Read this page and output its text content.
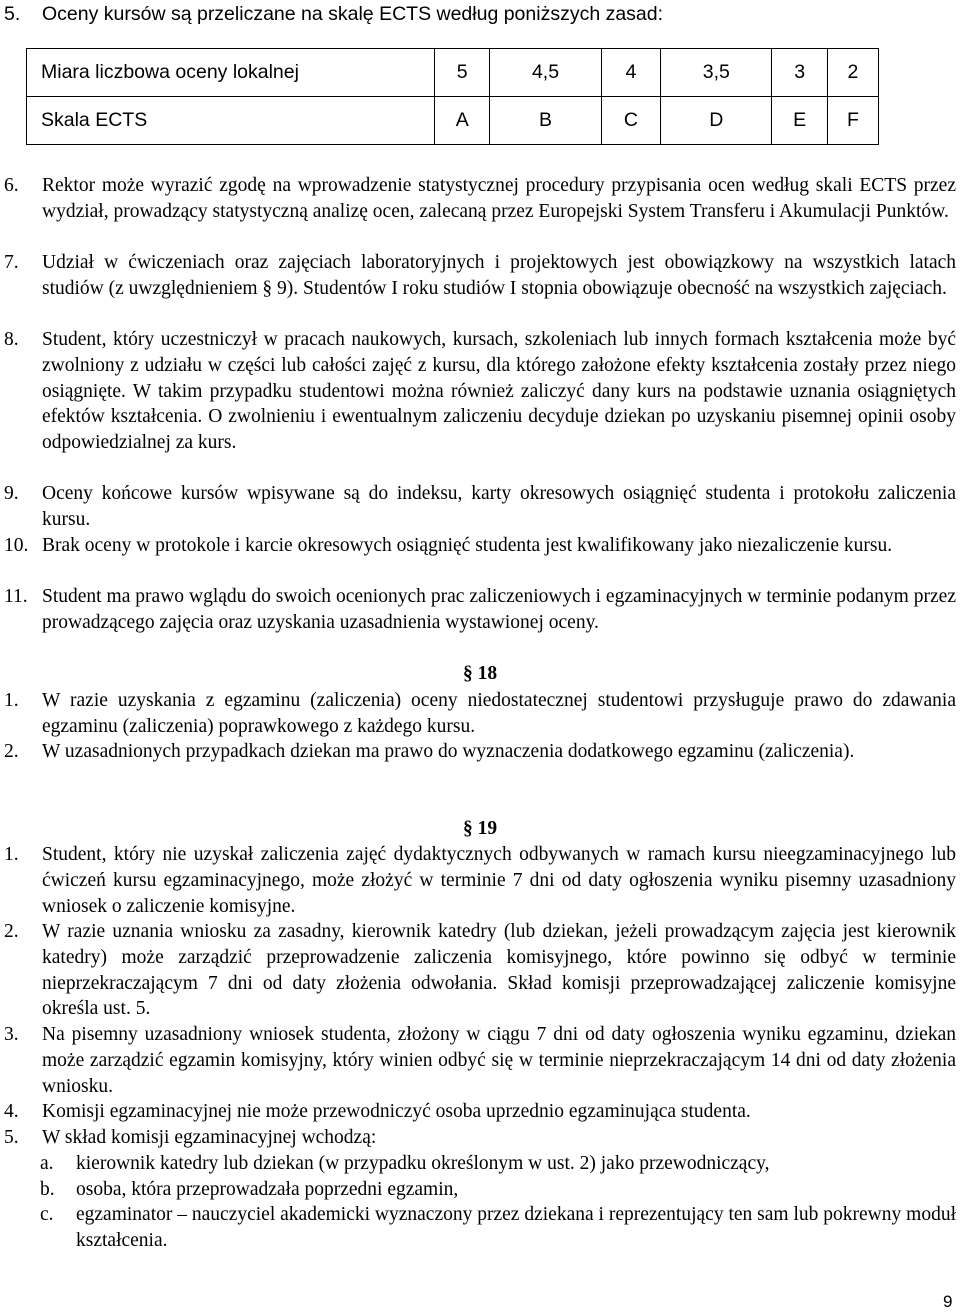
5. Oceny kursów są przeliczane na skalę ECTS według poniższych zasad:
Miara liczbowa oceny lokalnej	5	4,5	4	3,5	3	2
Skala ECTS	A	B	C	D	E	F
6. Rektor może wyrazić zgodę na wprowadzenie statystycznej procedury przypisania ocen według skali ECTS przez wydział, prowadzący statystyczną analizę ocen, zalecaną przez Europejski System Transferu i Akumulacji Punktów.
7. Udział w ćwiczeniach oraz zajęciach laboratoryjnych i projektowych jest obowiązkowy na wszystkich latach studiów (z uwzględnieniem § 9). Studentów I roku studiów I stopnia obowiązuje obecność na wszystkich zajęciach.
8. Student, który uczestniczył w pracach naukowych, kursach, szkoleniach lub innych formach kształcenia może być zwolniony z udziału w części lub całości zajęć z kursu, dla którego założone efekty kształcenia zostały przez niego osiągnięte. W takim przypadku studentowi można również zaliczyć dany kurs na podstawie uznania osiągniętych efektów kształcenia. O zwolnieniu i ewentualnym zaliczeniu decyduje dziekan po uzyskaniu pisemnej opinii osoby odpowiedzialnej za kurs.
9. Oceny końcowe kursów wpisywane są do indeksu, karty okresowych osiągnięć studenta i protokołu zaliczenia kursu.
10. Brak oceny w protokole i karcie okresowych osiągnięć studenta jest kwalifikowany jako niezaliczenie kursu.
11. Student ma prawo wglądu do swoich ocenionych prac zaliczeniowych i egzaminacyjnych w terminie podanym przez prowadzącego zajęcia oraz uzyskania uzasadnienia wystawionej oceny.
§ 18
1. W razie uzyskania z egzaminu (zaliczenia) oceny niedostatecznej studentowi przysługuje prawo do zdawania egzaminu (zaliczenia) poprawkowego z każdego kursu.
2. W uzasadnionych przypadkach dziekan ma prawo do wyznaczenia dodatkowego egzaminu (zaliczenia).
§ 19
1. Student, który nie uzyskał zaliczenia zajęć dydaktycznych odbywanych w ramach kursu nieegzaminacyjnego lub ćwiczeń kursu egzaminacyjnego, może złożyć w terminie 7 dni od daty ogłoszenia wyniku pisemny uzasadniony wniosek o zaliczenie komisyjne.
2. W razie uznania wniosku za zasadny, kierownik katedry (lub dziekan, jeżeli prowadzącym zajęcia jest kierownik katedry) może zarządzić przeprowadzenie zaliczenia komisyjnego, które powinno się odbyć w terminie nieprzekraczającym 7 dni od daty złożenia odwołania. Skład komisji przeprowadzającej zaliczenie komisyjne określa ust. 5.
3. Na pisemny uzasadniony wniosek studenta, złożony w ciągu 7 dni od daty ogłoszenia wyniku egzaminu, dziekan może zarządzić egzamin komisyjny, który winien odbyć się w terminie nieprzekraczającym 14 dni od daty złożenia wniosku.
4. Komisji egzaminacyjnej nie może przewodniczyć osoba uprzednio egzaminująca studenta.
5. W skład komisji egzaminacyjnej wchodzą:
a. kierownik katedry lub dziekan (w przypadku określonym w ust. 2) jako przewodniczący,
b. osoba, która przeprowadzała poprzedni egzamin,
c. egzaminator – nauczyciel akademicki wyznaczony przez dziekana i reprezentujący ten sam lub pokrewny moduł kształcenia.
9
